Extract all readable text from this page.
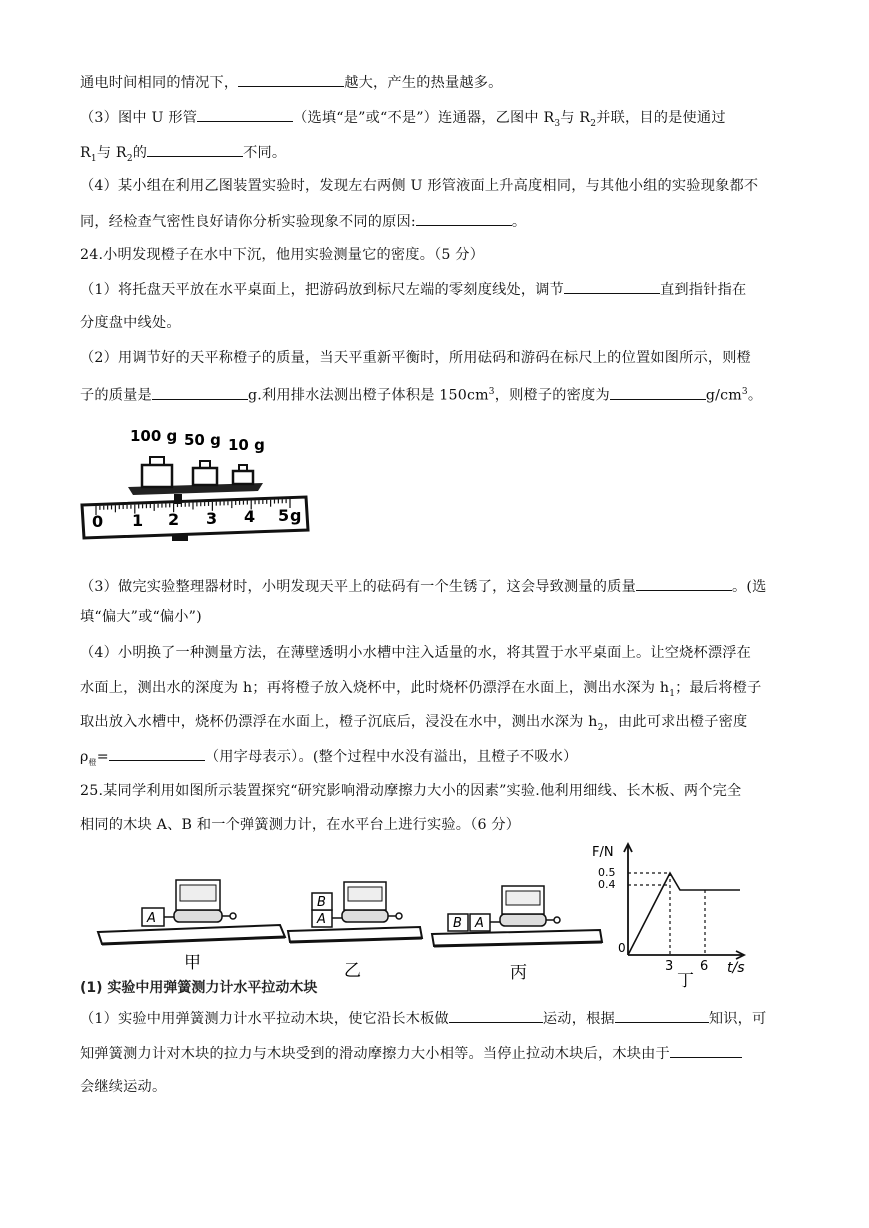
通电时间相同的情况下，	越大，产生的热量越多。
（3）图中 U 形管	（选填“是”或“不是”）连通器，乙图中 $R_3$与 $R_2$并联，目的是使通过
$R_1$与 $R_2$的	不同。
（4）某小组在利用乙图装置实验时，发现左右两侧 U 形管液面上升高度相同，与其他小组的实验现象都不
同，经检查气密性良好请你分析实验现象不同的原因:	。
24.小明发现橙子在水中下沉，他用实验测量它的密度。（5 分）
（1）将托盘天平放在水平桌面上，把游码放到标尺左端的零刻度线处，调节	直到指针指在
分度盘中线处。
（2）用调节好的天平称橙子的质量，当天平重新平衡时，所用砝码和游码在标尺上的位置如图所示，则橙
子的质量是	g.利用排水法测出橙子体积是 $150cm^3$，则橙子的密度为	$g/cm^3$。
100 g 50 g 10 g
0 1 2 3 4 5 g
（3）做完实验整理器材时，小明发现天平上的砝码有一个生锈了，这会导致测量的质量	。(选
填“偏大”或“偏小”)
（4）小明换了一种测量方法，在薄壁透明小水槽中注入适量的水，将其置于水平桌面上。让空烧杯漂浮在
水面上，测出水的深度为 h；再将橙子放入烧杯中，此时烧杯仍漂浮在水面上，测出水深为 $h_1$；最后将橙子
取出放入水槽中，烧杯仍漂浮在水面上，橙子沉底后，浸没在水中，测出水深为 $h_2$，由此可求出橙子密度
$\rho_橙=$	（用字母表示）。(整个过程中水没有溢出，且橙子不吸水）
25.某同学利用如图所示装置探究“研究影响滑动摩擦力大小的因素”实验.他利用细线、长木板、两个完全
相同的木块 A、B 和一个弹簧测力计，在水平台上进行实验。（6 分）
A
甲
A
B
乙
B A
丙
F/N
0.5
0.4
0
3 6 t/s
丁
(1) 实验中用弹簧测力计水平拉动木块
（1）实验中用弹簧测力计水平拉动木块，使它沿长木板做	运动，根据	知识，可
知弹簧测力计对木块的拉力与木块受到的滑动摩擦力大小相等。当停止拉动木块后，木块由于
会继续运动。
